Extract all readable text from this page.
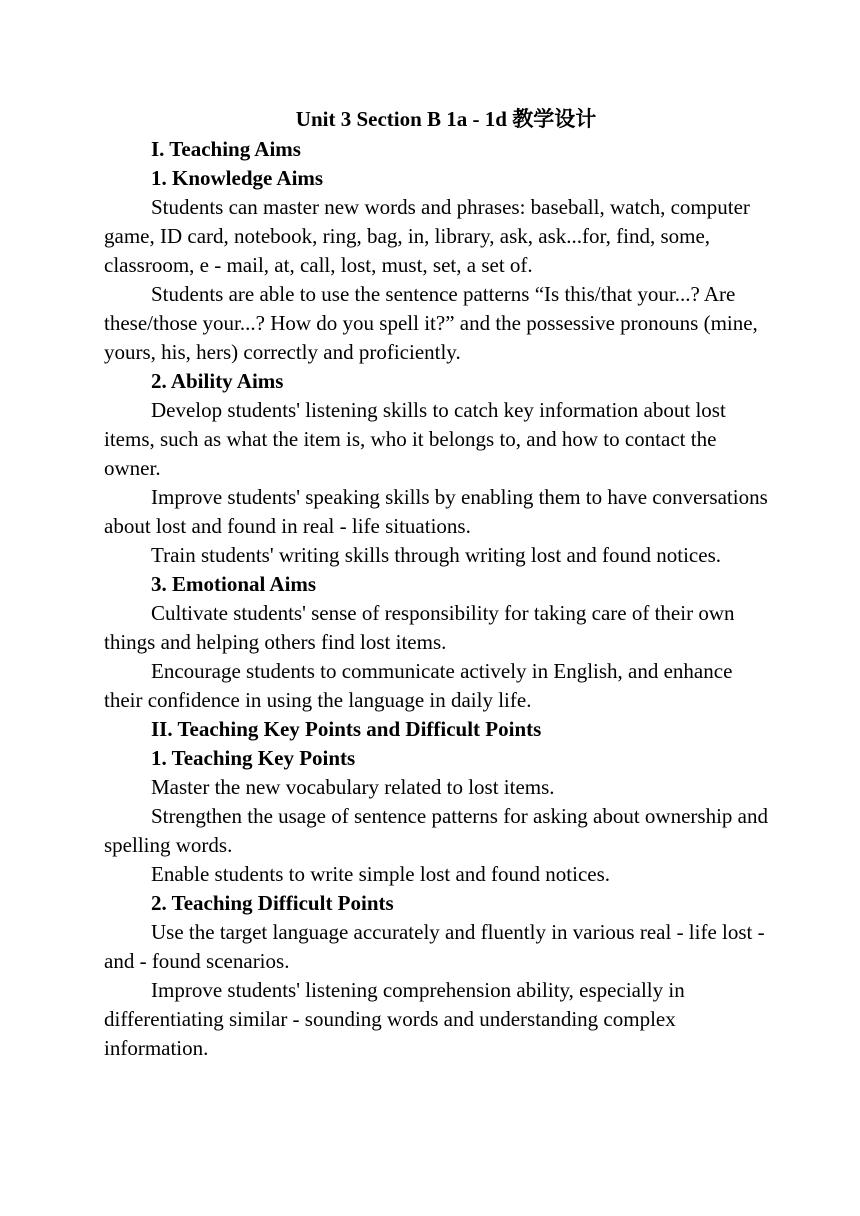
Unit 3 Section B 1a - 1d 教学设计

I. Teaching Aims

1. Knowledge Aims

Students can master new words and phrases: baseball, watch, computer game, ID card, notebook, ring, bag, in, library, ask, ask...for, find, some, classroom, e - mail, at, call, lost, must, set, a set of.

Students are able to use the sentence patterns “Is this/that your...? Are these/those your...? How do you spell it?” and the possessive pronouns (mine, yours, his, hers) correctly and proficiently.

2. Ability Aims

Develop students' listening skills to catch key information about lost items, such as what the item is, who it belongs to, and how to contact the owner.

Improve students' speaking skills by enabling them to have conversations about lost and found in real - life situations.

Train students' writing skills through writing lost and found notices.

3. Emotional Aims

Cultivate students' sense of responsibility for taking care of their own things and helping others find lost items.

Encourage students to communicate actively in English, and enhance their confidence in using the language in daily life.

II. Teaching Key Points and Difficult Points

1. Teaching Key Points

Master the new vocabulary related to lost items.

Strengthen the usage of sentence patterns for asking about ownership and spelling words.

Enable students to write simple lost and found notices.

2. Teaching Difficult Points

Use the target language accurately and fluently in various real - life lost - and - found scenarios.

Improve students' listening comprehension ability, especially in differentiating similar - sounding words and understanding complex information.
